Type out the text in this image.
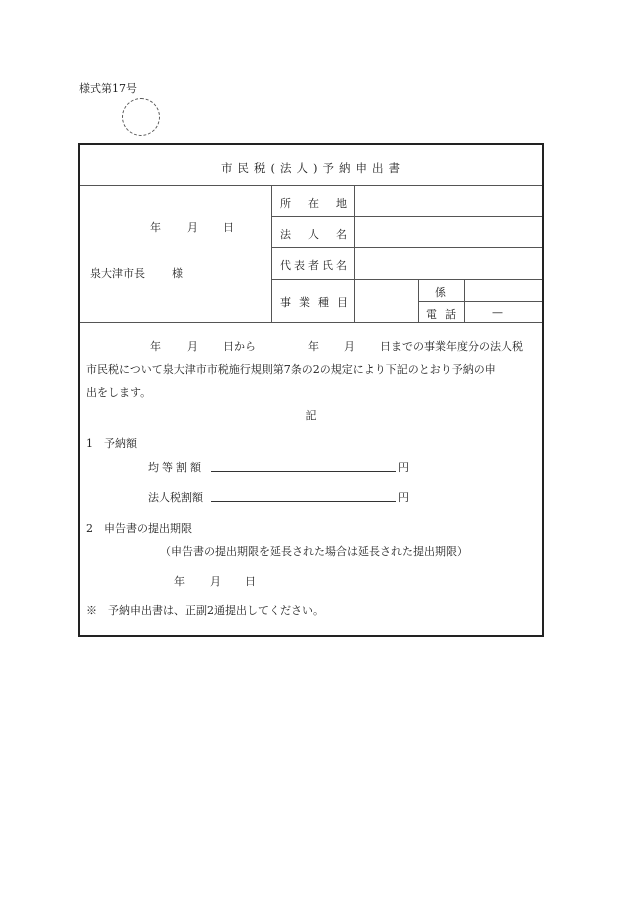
様式第17号
市民税(法人)予納申出書
年 月 日
泉大津市長 様
所在地
法人名
代表者氏名
事業種目
係
電話	—
年 月 日から	年 月 日までの事業年度分の法人税
市民税について泉大津市市税施行規則第7条の2の規定により下記のとおり予納の申
出をします。
記
1　予納額
均等割額	円
法人税割額	円
2　申告書の提出期限
（申告書の提出期限を延長された場合は延長された提出期限）
年 月 日
※　予納申出書は、正副2通提出してください。
